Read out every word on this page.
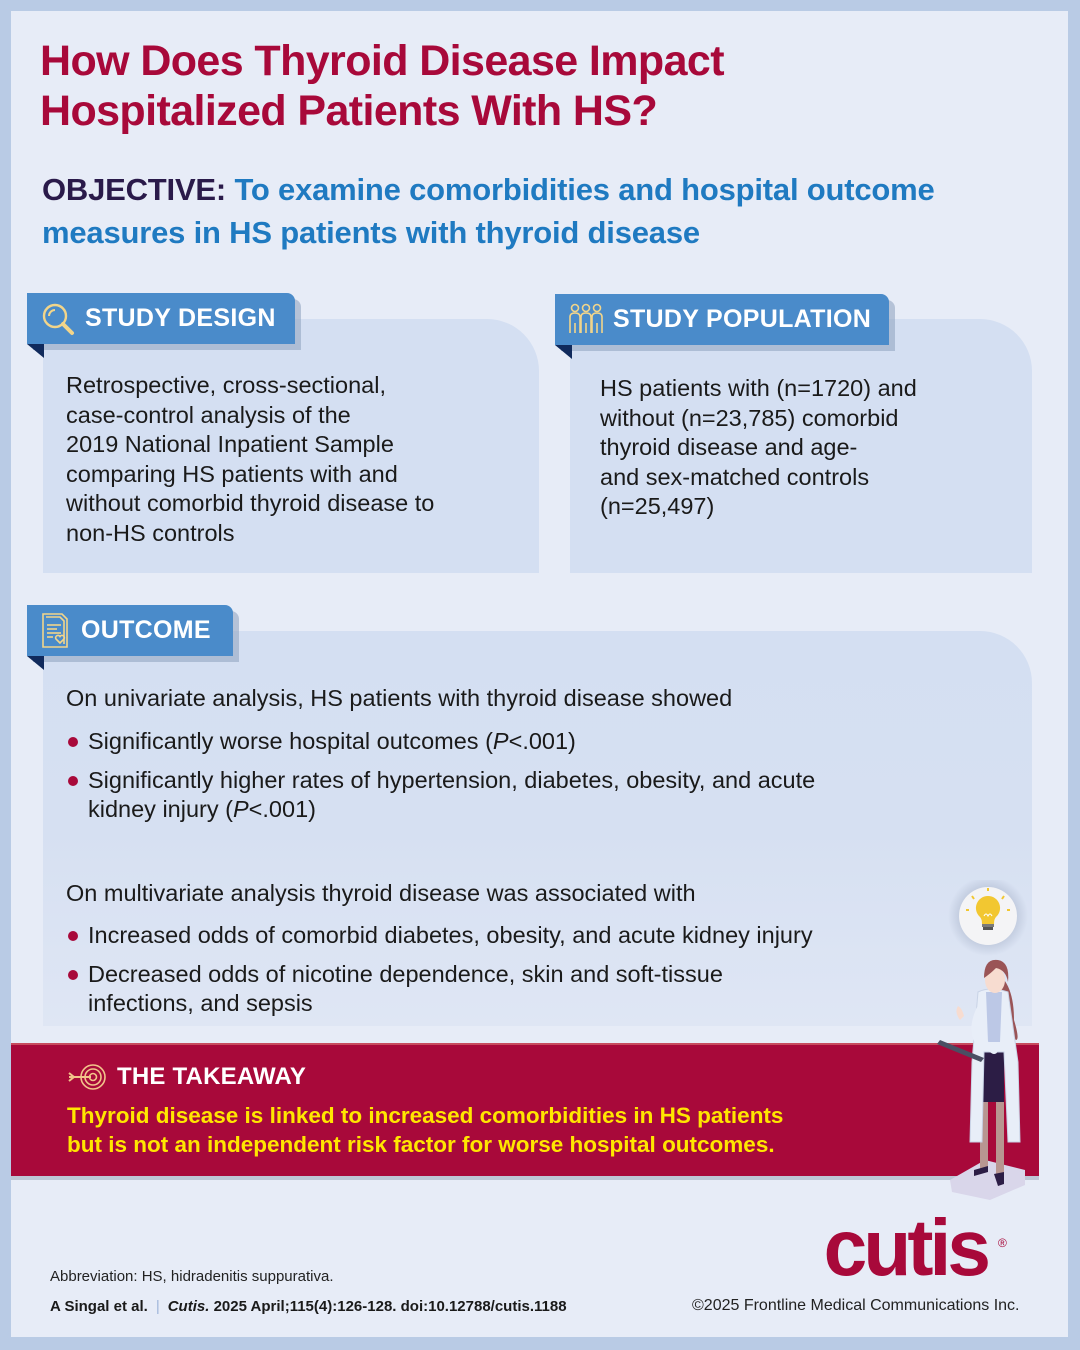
How Does Thyroid Disease Impact
Hospitalized Patients With HS?
OBJECTIVE: To examine comorbidities and hospital outcome measures in HS patients with thyroid disease
STUDY DESIGN
Retrospective, cross-sectional,
case-control analysis of the
2019 National Inpatient Sample
comparing HS patients with and
without comorbid thyroid disease to
non-HS controls
STUDY POPULATION
HS patients with (n=1720) and
without (n=23,785) comorbid
thyroid disease and age-
and sex-matched controls
(n=25,497)
OUTCOME
On univariate analysis, HS patients with thyroid disease showed
Significantly worse hospital outcomes (P<.001)
Significantly higher rates of hypertension, diabetes, obesity, and acute kidney injury (P<.001)
On multivariate analysis thyroid disease was associated with
Increased odds of comorbid diabetes, obesity, and acute kidney injury
Decreased odds of nicotine dependence, skin and soft-tissue infections, and sepsis
THE TAKEAWAY
Thyroid disease is linked to increased comorbidities in HS patients
but is not an independent risk factor for worse hospital outcomes.
Abbreviation: HS, hidradenitis suppurativa.
A Singal et al. | Cutis. 2025 April;115(4):126-128. doi:10.12788/cutis.1188	©2025 Frontline Medical Communications Inc.
cutis ®
